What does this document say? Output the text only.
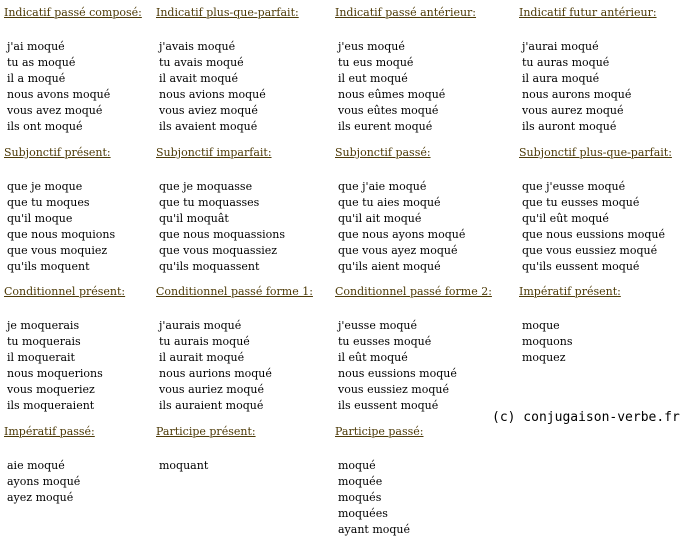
Indicatif passé composé:
j'ai moqué
tu as moqué
il a moqué
nous avons moqué
vous avez moqué
ils ont moqué
Indicatif plus-que-parfait:
j'avais moqué
tu avais moqué
il avait moqué
nous avions moqué
vous aviez moqué
ils avaient moqué
Indicatif passé antérieur:
j'eus moqué
tu eus moqué
il eut moqué
nous eûmes moqué
vous eûtes moqué
ils eurent moqué
Indicatif futur antérieur:
j'aurai moqué
tu auras moqué
il aura moqué
nous aurons moqué
vous aurez moqué
ils auront moqué
Subjonctif présent:
que je moque
que tu moques
qu'il moque
que nous moquions
que vous moquiez
qu'ils moquent
Subjonctif imparfait:
que je moquasse
que tu moquasses
qu'il moquât
que nous moquassions
que vous moquassiez
qu'ils moquassent
Subjonctif passé:
que j'aie moqué
que tu aies moqué
qu'il ait moqué
que nous ayons moqué
que vous ayez moqué
qu'ils aient moqué
Subjonctif plus-que-parfait:
que j'eusse moqué
que tu eusses moqué
qu'il eût moqué
que nous eussions moqué
que vous eussiez moqué
qu'ils eussent moqué
Conditionnel présent:
je moquerais
tu moquerais
il moquerait
nous moquerions
vous moqueriez
ils moqueraient
Conditionnel passé forme 1:
j'aurais moqué
tu aurais moqué
il aurait moqué
nous aurions moqué
vous auriez moqué
ils auraient moqué
Conditionnel passé forme 2:
j'eusse moqué
tu eusses moqué
il eût moqué
nous eussions moqué
vous eussiez moqué
ils eussent moqué
Impératif présent:
moque
moquons
moquez
Impératif passé:
aie moqué
ayons moqué
ayez moqué
Participe présent:
moquant
Participe passé:
moqué
moquée
moqués
moquées
ayant moqué
(c) conjugaison-verbe.fr
